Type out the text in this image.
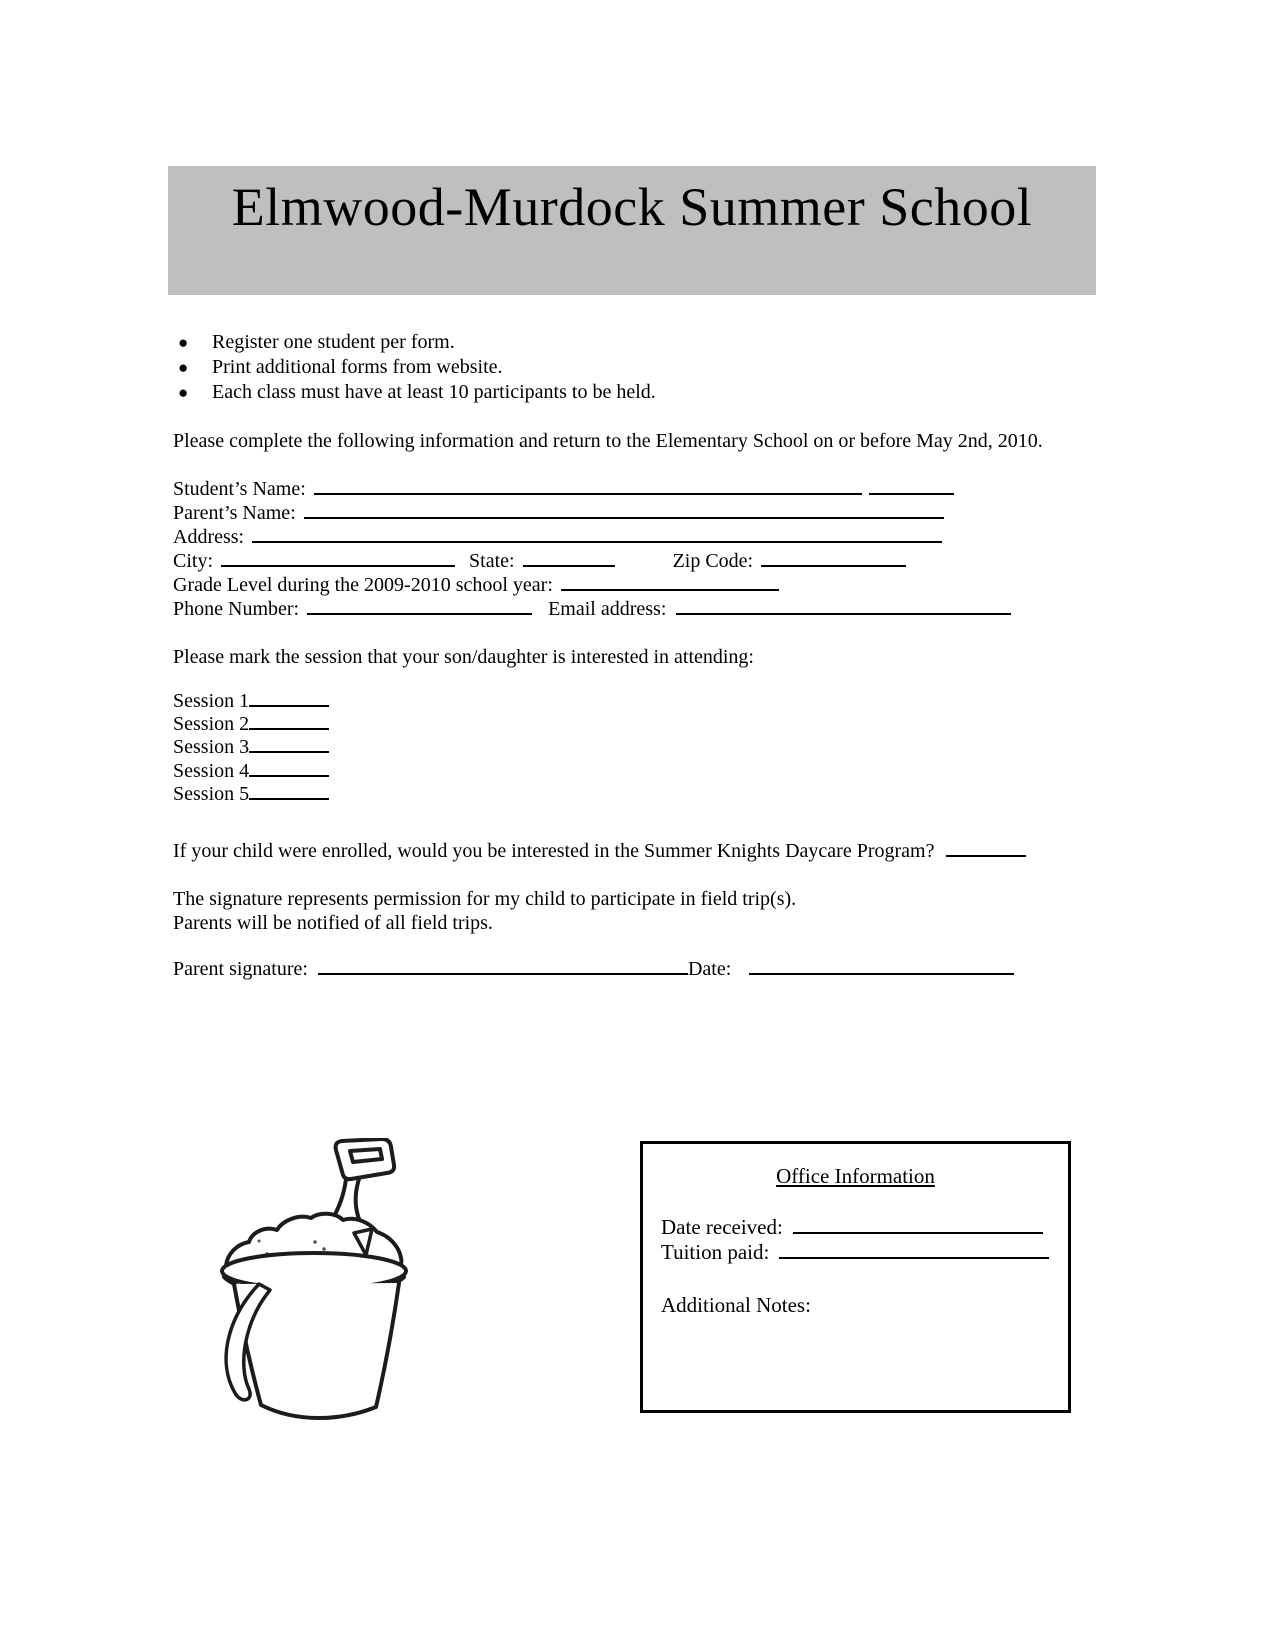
Elmwood-Murdock Summer School
●	Register one student per form.
●	Print additional forms from website.
●	Each class must have at least 10 participants to be held.
Please complete the following information and return to the Elementary School on or before May 2nd, 2010.
Student’s Name:
Parent’s Name:
Address:
City:	State:	Zip Code:
Grade Level during the 2009-2010 school year:
Phone Number:	Email address:
Please mark the session that your son/daughter is interested in attending:
Session 1
Session 2
Session 3
Session 4
Session 5
If your child were enrolled, would you be interested in the Summer Knights Daycare Program?
The signature represents permission for my child to participate in field trip(s).
Parents will be notified of all field trips.
Parent signature:	Date:
Office Information
Date received:
Tuition paid:
Additional Notes:
